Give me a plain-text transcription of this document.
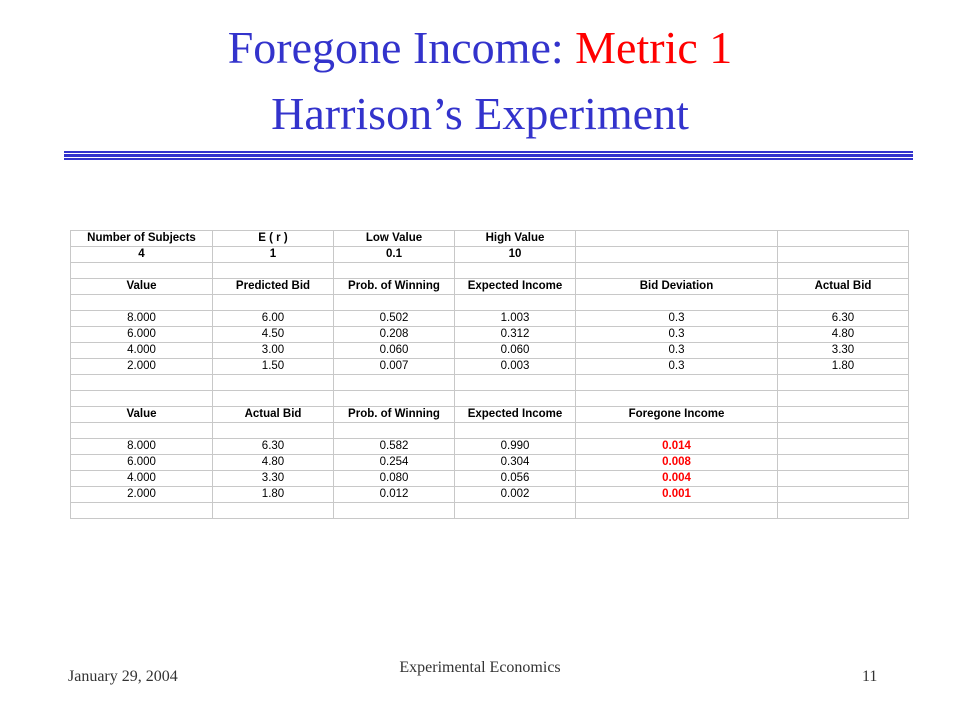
Foregone Income: Metric 1
Harrison’s Experiment
Number of Subjects	E ( r )	Low Value	High Value		
4	1	0.1	10		

Value	Predicted Bid	Prob. of Winning	Expected Income	Bid Deviation	Actual Bid

8.000	6.00	0.502	1.003	0.3	6.30
6.000	4.50	0.208	0.312	0.3	4.80
4.000	3.00	0.060	0.060	0.3	3.30
2.000	1.50	0.007	0.003	0.3	1.80

Value	Actual Bid	Prob. of Winning	Expected Income	Foregone Income	

8.000	6.30	0.582	0.990	0.014	
6.000	4.80	0.254	0.304	0.008	
4.000	3.30	0.080	0.056	0.004	
2.000	1.80	0.012	0.002	0.001	

January 29, 2004
Experimental Economics
11
